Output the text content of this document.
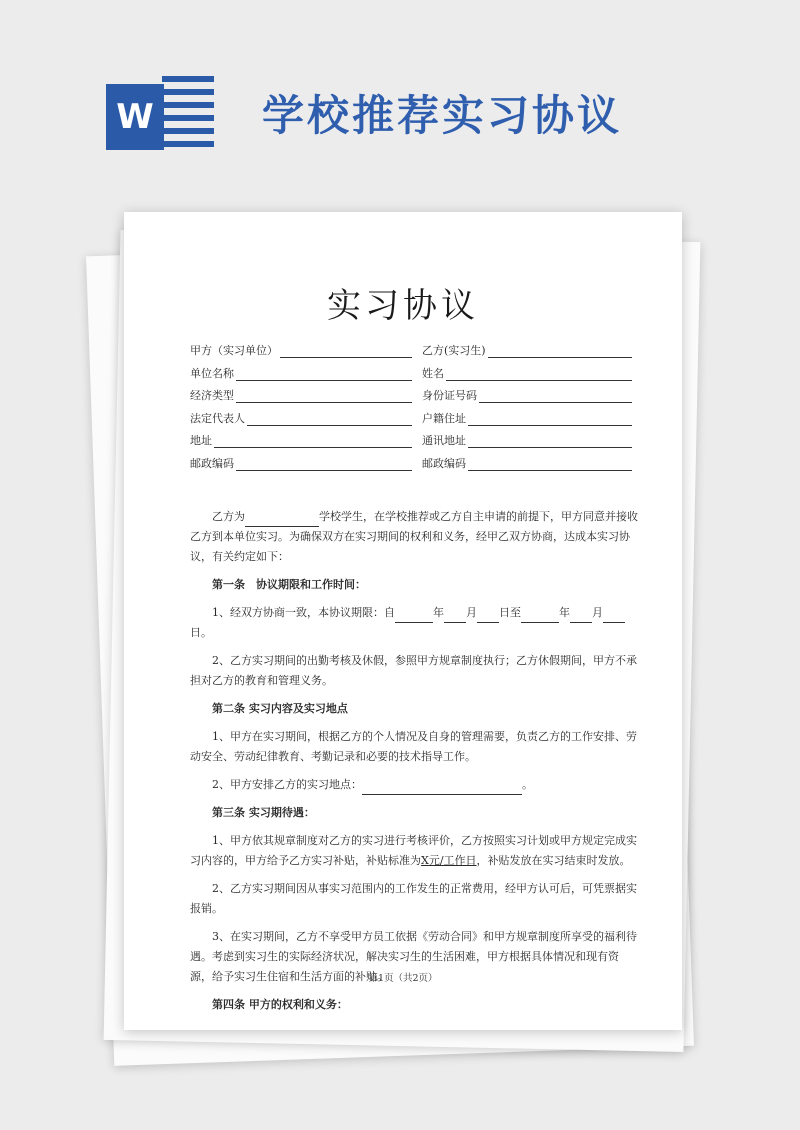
W	学校推荐实习协议
实习协议
甲方（实习单位）	乙方(实习生)
单位名称	姓名
经济类型	身份证号码
法定代表人	户籍住址
地址	通讯地址
邮政编码	邮政编码
乙方为	学校学生，在学校推荐或乙方自主申请的前提下，甲方同意并接收乙方到本单位实习。为确保双方在实习期间的权利和义务，经甲乙双方协商，达成本实习协议，有关约定如下：
第一条　协议期限和工作时间：
1、经双方协商一致，本协议期限：自	年 月 日至	年 月日。
2、乙方实习期间的出勤考核及休假，参照甲方规章制度执行；乙方休假期间，甲方不承担对乙方的教育和管理义务。
第二条 实习内容及实习地点
1、甲方在实习期间，根据乙方的个人情况及自身的管理需要，负责乙方的工作安排、劳动安全、劳动纪律教育、考勤记录和必要的技术指导工作。
2、甲方安排乙方的实习地点：	。
第三条 实习期待遇：
1、甲方依其规章制度对乙方的实习进行考核评价，乙方按照实习计划或甲方规定完成实习内容的，甲方给予乙方实习补贴，补贴标准为X元/工作日，补贴发放在实习结束时发放。
2、乙方实习期间因从事实习范围内的工作发生的正常费用，经甲方认可后，可凭票据实报销。
3、在实习期间，乙方不享受甲方员工依据《劳动合同》和甲方规章制度所享受的福利待遇。考虑到实习生的实际经济状况，解决实习生的生活困难，甲方根据具体情况和现有资源，给予实习生住宿和生活方面的补贴。
第四条 甲方的权利和义务：
第1页（共2页）
